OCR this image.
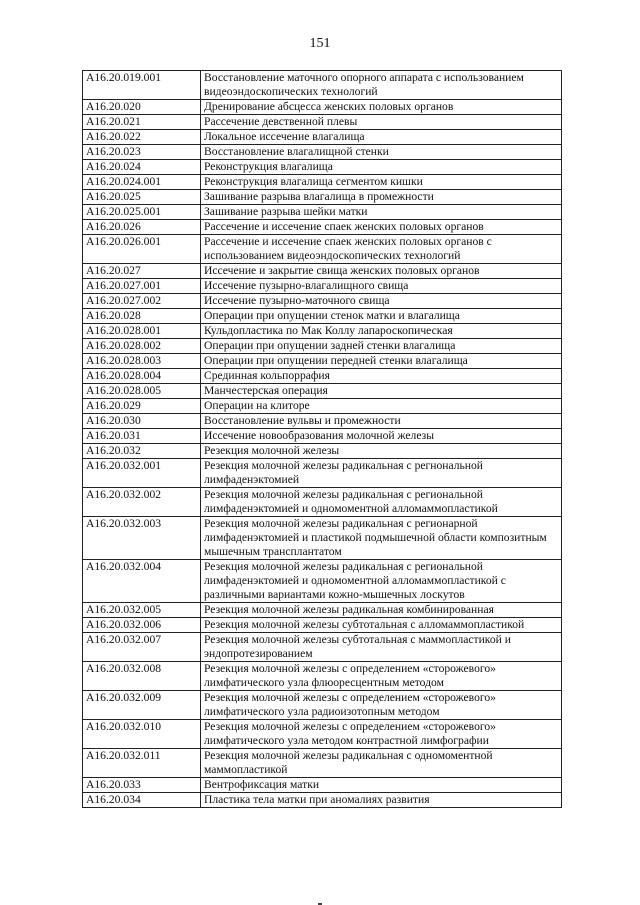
151
A16.20.019.001	Восстановление маточного опорного аппарата с использованием видеоэндоскопических технологий
A16.20.020	Дренирование абсцесса женских половых органов
A16.20.021	Рассечение девственной плевы
A16.20.022	Локальное иссечение влагалища
A16.20.023	Восстановление влагалищной стенки
A16.20.024	Реконструкция влагалища
A16.20.024.001	Реконструкция влагалища сегментом кишки
A16.20.025	Зашивание разрыва влагалища в промежности
A16.20.025.001	Зашивание разрыва шейки матки
A16.20.026	Рассечение и иссечение спаек женских половых органов
A16.20.026.001	Рассечение и иссечение спаек женских половых органов с использованием видеоэндоскопических технологий
A16.20.027	Иссечение и закрытие свища женских половых органов
A16.20.027.001	Иссечение пузырно-влагалищного свища
A16.20.027.002	Иссечение пузырно-маточного свища
A16.20.028	Операции при опущении стенок матки и влагалища
A16.20.028.001	Кульдопластика по Мак Коллу лапароскопическая
A16.20.028.002	Операции при опущении задней стенки влагалища
A16.20.028.003	Операции при опущении передней стенки влагалища
A16.20.028.004	Срединная кольпоррафия
A16.20.028.005	Манчестерская операция
A16.20.029	Операции на клиторе
A16.20.030	Восстановление вульвы и промежности
A16.20.031	Иссечение новообразования молочной железы
A16.20.032	Резекция молочной железы
A16.20.032.001	Резекция молочной железы радикальная с регнональной лимфаденэктомией
A16.20.032.002	Резекция молочной железы радикальная с региональной лимфаденэктомией и одномоментной алломаммопластикой
A16.20.032.003	Резекция молочной железы радикальная с регионарной лимфаденэктомией и пластикой подмышечной области композитным мышечным трансплантатом
A16.20.032.004	Резекция молочной железы радикальная с региональной лимфаденэктомией и одномоментной алломаммопластикой с различными вариантами кожно-мышечных лоскутов
A16.20.032.005	Резекция молочной железы радикальная комбинированная
A16.20.032.006	Резекция молочной железы субтотальная с алломаммопластикой
A16.20.032.007	Резекция молочной железы субтотальная с маммопластикой и эндопротезированием
A16.20.032.008	Резекция молочной железы с определением «сторожевого» лимфатического узла флюоресцентным методом
A16.20.032.009	Резекция молочной железы с определением «сторожевого» лимфатического узла радиоизотопным методом
A16.20.032.010	Резекция молочной железы с определением «сторожевого» лимфатического узла методом контрастной лимфографии
A16.20.032.011	Резекция молочной железы радикальная с одномоментной маммопластикой
A16.20.033	Вентрофиксация матки
A16.20.034	Пластика тела матки при аномалиях развития
